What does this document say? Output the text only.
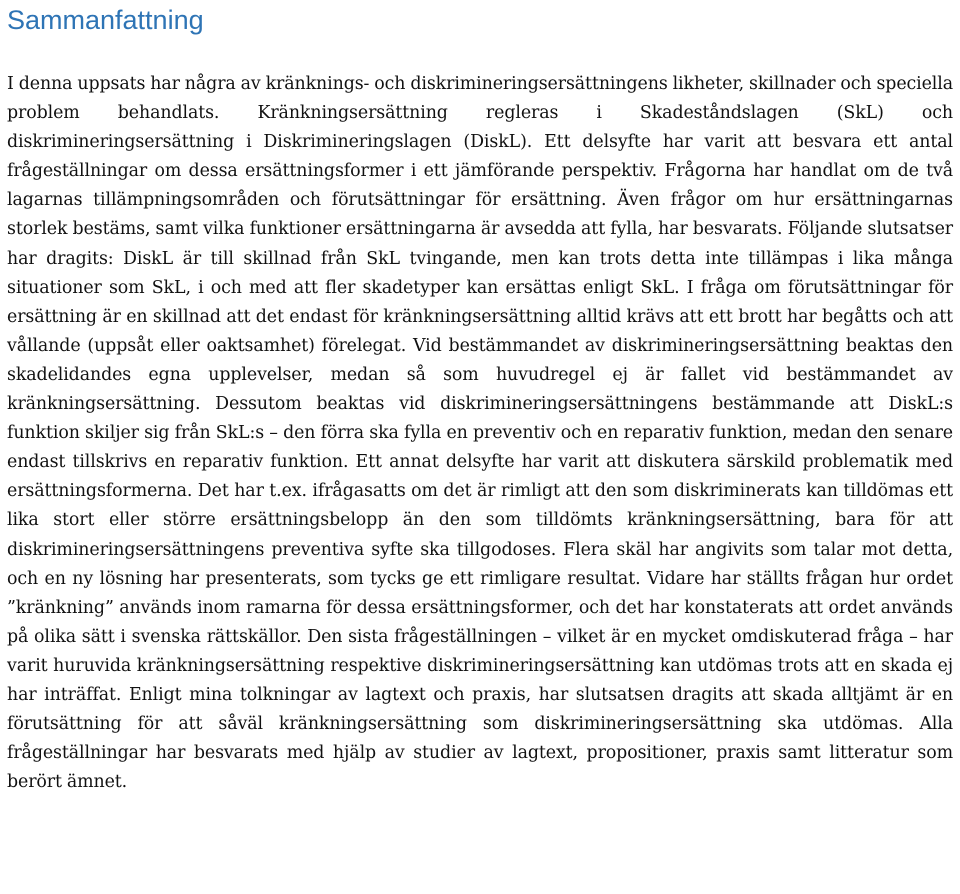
Sammanfattning

I denna uppsats har några av kränknings- och diskrimineringsersättningens likheter, skillnader och speciella problem behandlats. Kränkningsersättning regleras i Skadeståndslagen (SkL) och diskrimineringsersättning i Diskrimineringslagen (DiskL). Ett delsyfte har varit att besvara ett antal frågeställningar om dessa ersättningsformer i ett jämförande perspektiv. Frågorna har handlat om de två lagarnas tillämpningsområden och förutsättningar för ersättning. Även frågor om hur ersättningarnas storlek bestäms, samt vilka funktioner ersättningarna är avsedda att fylla, har besvarats. Följande slutsatser har dragits: DiskL är till skillnad från SkL tvingande, men kan trots detta inte tillämpas i lika många situationer som SkL, i och med att fler skadetyper kan ersättas enligt SkL. I fråga om förutsättningar för ersättning är en skillnad att det endast för kränkningsersättning alltid krävs att ett brott har begåtts och att vållande (uppsåt eller oaktsamhet) förelegat. Vid bestämmandet av diskrimineringsersättning beaktas den skadelidandes egna upplevelser, medan så som huvudregel ej är fallet vid bestämmandet av kränkningsersättning. Dessutom beaktas vid diskrimineringsersättningens bestämmande att DiskL:s funktion skiljer sig från SkL:s – den förra ska fylla en preventiv och en reparativ funktion, medan den senare endast tillskrivs en reparativ funktion. Ett annat delsyfte har varit att diskutera särskild problematik med ersättningsformerna. Det har t.ex. ifrågasatts om det är rimligt att den som diskriminerats kan tilldömas ett lika stort eller större ersättningsbelopp än den som tilldömts kränkningsersättning, bara för att diskrimineringsersättningens preventiva syfte ska tillgodoses. Flera skäl har angivits som talar mot detta, och en ny lösning har presenterats, som tycks ge ett rimligare resultat. Vidare har ställts frågan hur ordet ”kränkning” används inom ramarna för dessa ersättningsformer, och det har konstaterats att ordet används på olika sätt i svenska rättskällor. Den sista frågeställningen – vilket är en mycket omdiskuterad fråga – har varit huruvida kränkningsersättning respektive diskrimineringsersättning kan utdömas trots att en skada ej har inträffat. Enligt mina tolkningar av lagtext och praxis, har slutsatsen dragits att skada alltjämt är en förutsättning för att såväl kränkningsersättning som diskrimineringsersättning ska utdömas. Alla frågeställningar har besvarats med hjälp av studier av lagtext, propositioner, praxis samt litteratur som berört ämnet.
